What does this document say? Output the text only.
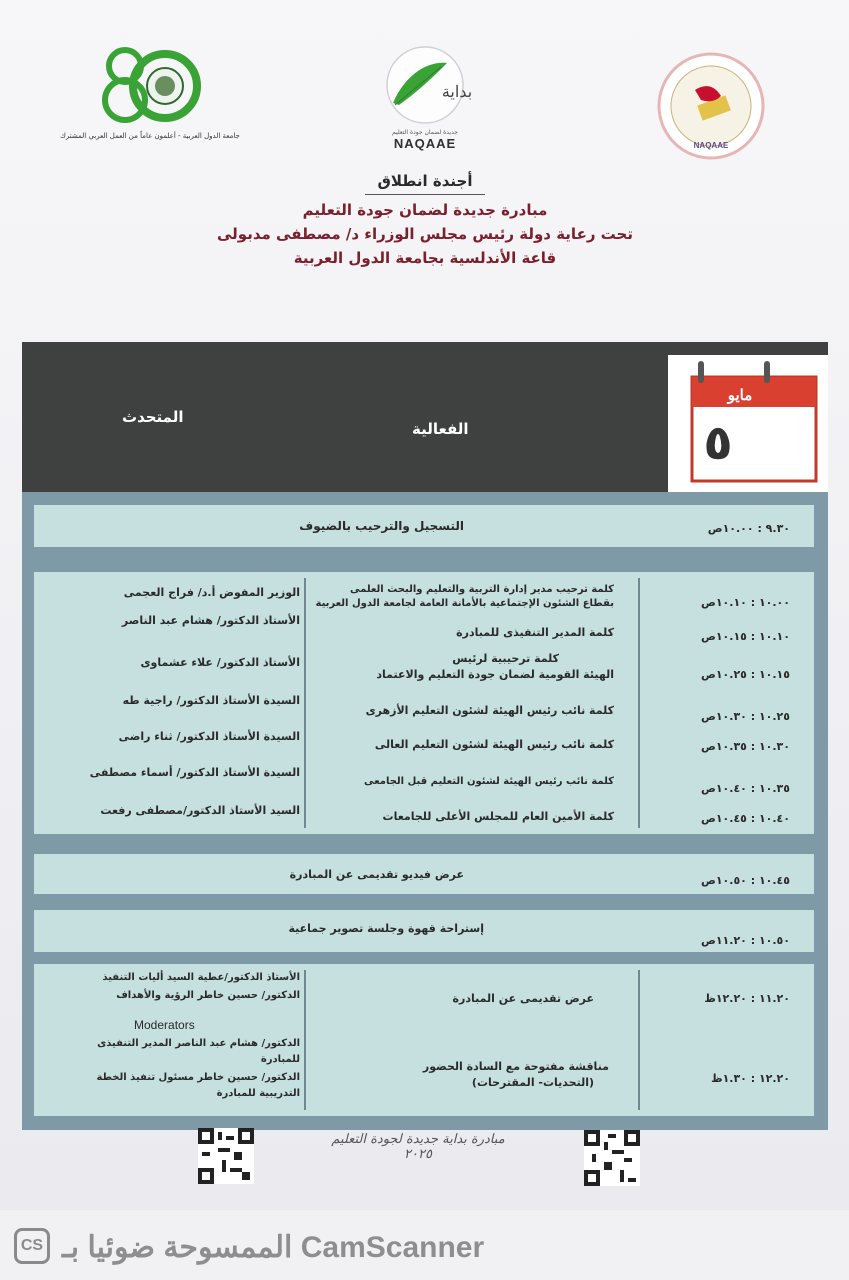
جامعة الدول العربية - أعلمون عاماً من العمل العربي المشترك
بداية
جديدة لضمان جودة التعليم
NAQAAE	NAQAAE
أجندة انطلاق
مبادرة جديدة لضمان جودة التعليم
تحت رعاية دولة رئيس مجلس الوزراء د/ مصطفى مدبولى
قاعة الأندلسية بجامعة الدول العربية
المتحدث
الفعالية
مايو
٥
٩.٣٠ : ١٠.٠٠ص
التسجيل والترحيب بالضيوف
١٠.٠٠ : ١٠.١٠ص
كلمة ترحيب مدير إدارة التربية والتعليم والبحث العلمى
بقطاع الشئون الإجتماعية بالأمانة العامة لجامعة الدول العربية
الوزير المفوض أ.د/ فراج العجمى
١٠.١٠ : ١٠.١٥ص
كلمة المدير التنفيذى للمبادرة
الأستاذ الدكتور/ هشام عبد الناصر
١٠.١٥ : ١٠.٢٥ص
كلمة ترحيبية لرئيس
الهيئة القومية لضمان جودة التعليم والاعتماد
الأستاذ الدكتور/ علاء عشماوى
١٠.٢٥ : ١٠.٣٠ص
كلمة نائب رئيس الهيئة لشئون التعليم الأزهرى
السيدة الأستاذ الدكتور/ راجية طه
١٠.٣٠ : ١٠.٣٥ص
كلمة نائب رئيس الهيئة لشئون التعليم العالى
السيدة الأستاذ الدكتور/ ثناء راضى
١٠.٣٥ : ١٠.٤٠ص
كلمة نائب رئيس الهيئة لشئون التعليم قبل الجامعى
السيدة الأستاذ الدكتور/ أسماء مصطفى
١٠.٤٠ : ١٠.٤٥ص
كلمة الأمين العام للمجلس الأعلى للجامعات
السيد الأستاذ الدكتور/مصطفى رفعت
١٠.٤٥ : ١٠.٥٠ص
عرض فيديو تقديمى عن المبادرة
١٠.٥٠ : ١١.٢٠ص
إستراحة قهوة وجلسة تصوير جماعية
١١.٢٠ : ١٢.٢٠ظ
عرض تقديمى عن المبادرة
الأستاذ الدكتور/عطية السيد أليات التنفيذ
الدكتور/ حسين خاطر الرؤية والأهداف
Moderators
الدكتور/ هشام عبد الناصر المدير التنفيذى
للمبادرة
الدكتور/ حسين خاطر مسئول تنفيذ الخطة
التدريبية للمبادرة
١٢.٢٠ : ١.٣٠ظ
مناقشة مفتوحة مع السادة الحضور
(التحديات- المقترحات)
مبادرة بداية جديدة لجودة التعليم
٢٠٢٥
CS الممسوحة ضوئيا بـ CamScanner
